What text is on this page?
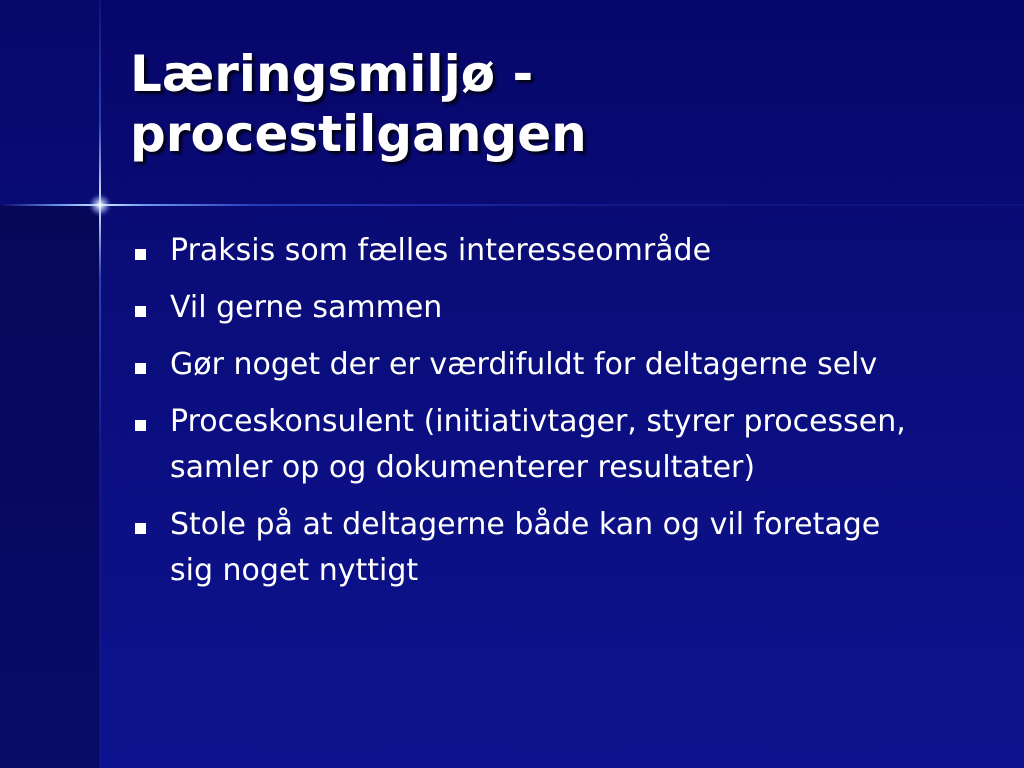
Læringsmiljø -
procestilgangen
Praksis som fælles interesseområde
Vil gerne sammen
Gør noget der er værdifuldt for deltagerne selv
Proceskonsulent (initiativtager, styrer processen, samler op og dokumenterer resultater)
Stole på at deltagerne både kan og vil foretage sig noget nyttigt
